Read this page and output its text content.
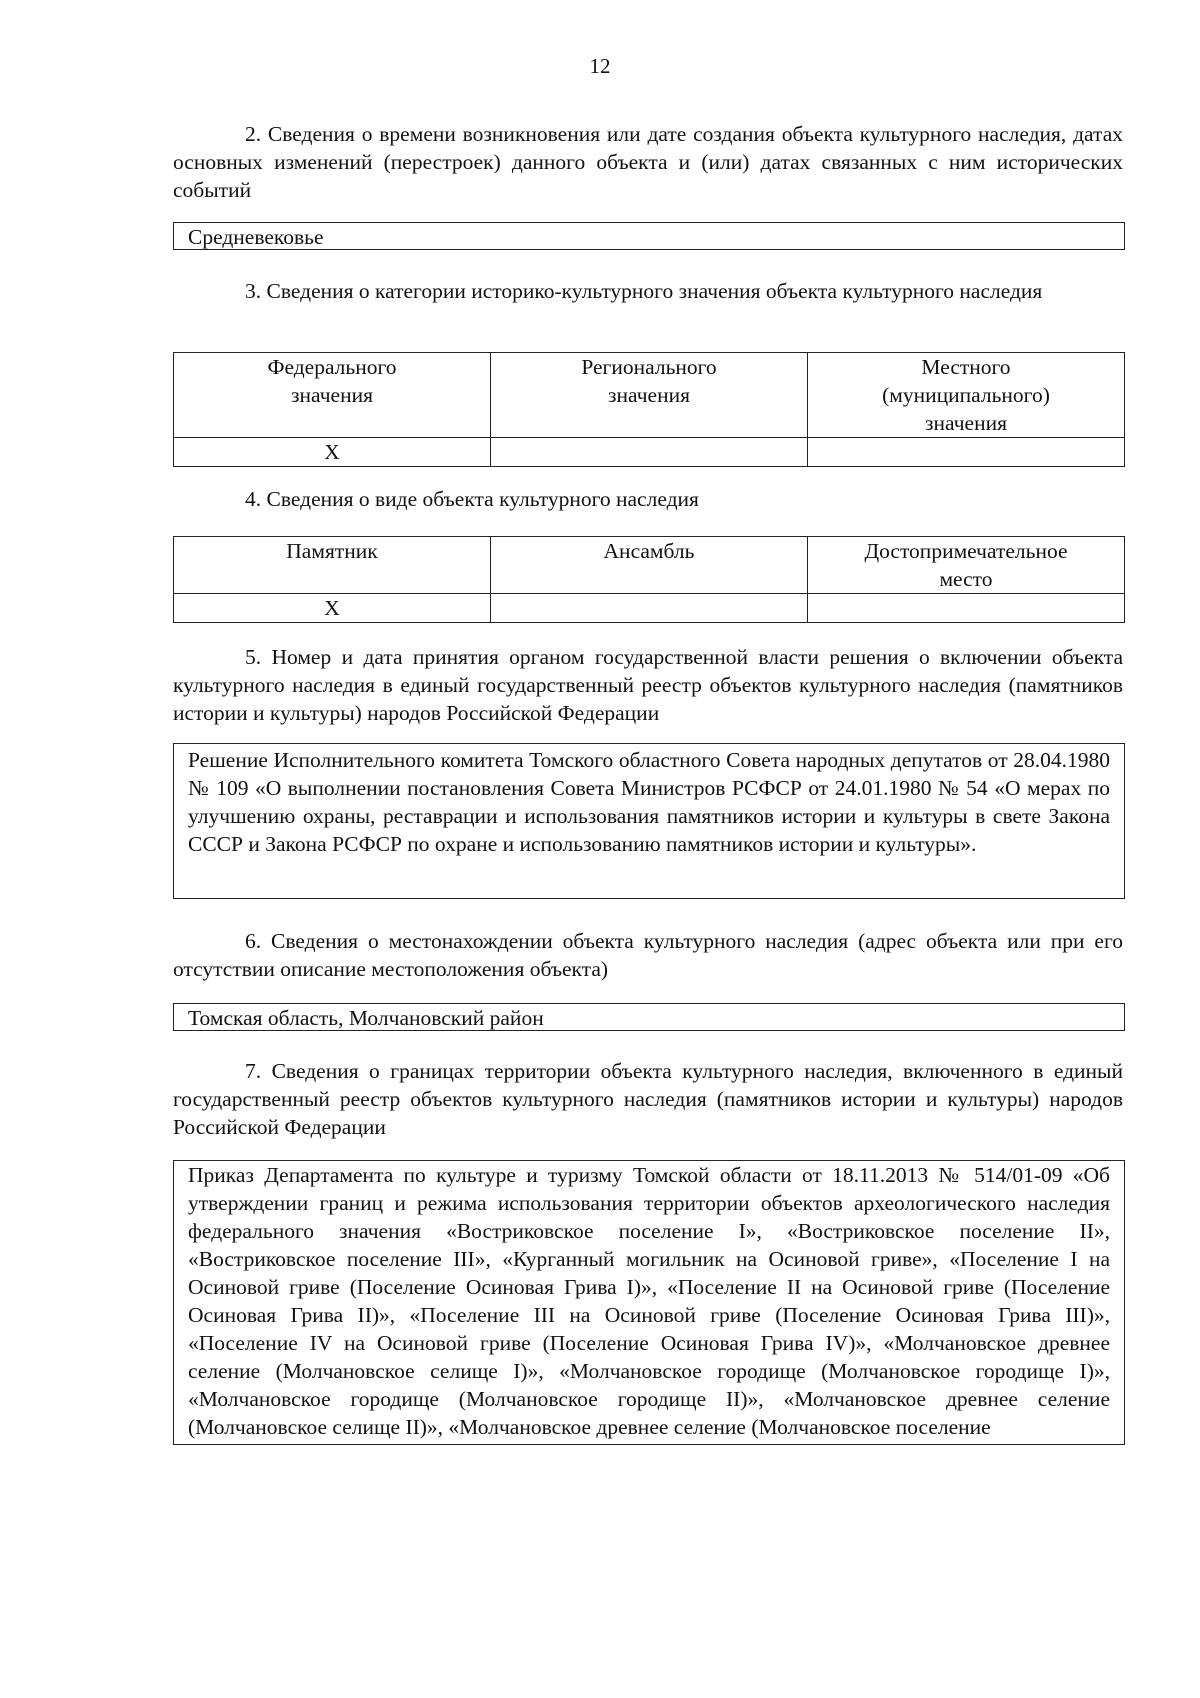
12

2. Сведения о времени возникновения или дате создания объекта культурного наследия, датах основных изменений (перестроек) данного объекта и (или) датах связанных с ним исторических событий

Средневековье

3. Сведения о категории историко-культурного значения объекта культурного наследия

Федерального значения	Регионального значения	Местного (муниципального) значения
Х		

4. Сведения о виде объекта культурного наследия

Памятник	Ансамбль	Достопримечательное место
Х		

5. Номер и дата принятия органом государственной власти решения о включении объекта культурного наследия в единый государственный реестр объектов культурного наследия (памятников истории и культуры) народов Российской Федерации

Решение Исполнительного комитета Томского областного Совета народных депутатов от 28.04.1980 № 109 «О выполнении постановления Совета Министров РСФСР от 24.01.1980 № 54 «О мерах по улучшению охраны, реставрации и использования памятников истории и культуры в свете Закона СССР и Закона РСФСР по охране и использованию памятников истории и культуры».

6. Сведения о местонахождении объекта культурного наследия (адрес объекта или при его отсутствии описание местоположения объекта)

Томская область, Молчановский район

7. Сведения о границах территории объекта культурного наследия, включенного в единый государственный реестр объектов культурного наследия (памятников истории и культуры) народов Российской Федерации

Приказ Департамента по культуре и туризму Томской области от 18.11.2013 № 514/01-09 «Об утверждении границ и режима использования территории объектов археологического наследия федерального значения «Востриковское поселение I», «Востриковское поселение II», «Востриковское поселение III», «Курганный могильник на Осиновой гриве», «Поселение I на Осиновой гриве (Поселение Осиновая Грива I)», «Поселение II на Осиновой гриве (Поселение Осиновая Грива II)», «Поселение III на Осиновой гриве (Поселение Осиновая Грива III)», «Поселение IV на Осиновой гриве (Поселение Осиновая Грива IV)», «Молчановское древнее селение (Молчановское селище I)», «Молчановское городище (Молчановское городище I)», «Молчановское городище (Молчановское городище II)», «Молчановское древнее селение (Молчановское селище II)», «Молчановское древнее селение (Молчановское поселение
